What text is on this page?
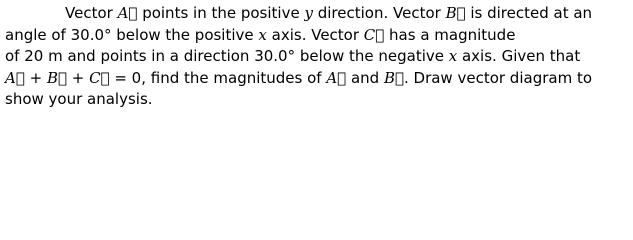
Vector A⃗ points in the positive y direction. Vector B⃗ is directed at an
angle of 30.0° below the positive x axis. Vector C⃗ has a magnitude
of 20 m and points in a direction 30.0° below the negative x axis. Given that
A⃗ + B⃗ + C⃗ = 0, find the magnitudes of A⃗ and B⃗. Draw vector diagram to
show your analysis.
